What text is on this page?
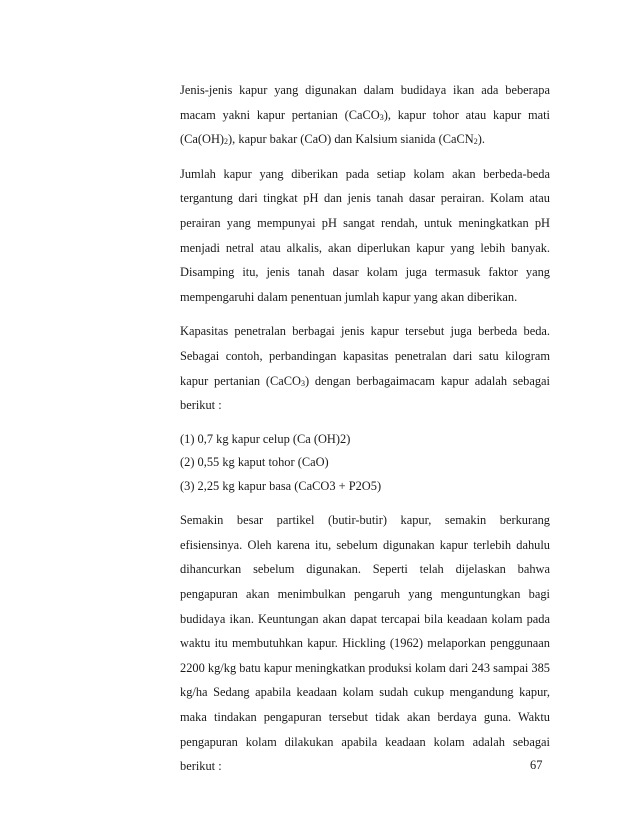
Jenis-jenis kapur yang digunakan dalam budidaya ikan ada beberapa macam yakni kapur pertanian (CaCO$_3$), kapur tohor atau kapur mati $(Ca(OH)_2)$, kapur bakar (CaO) dan Kalsium sianida (CaCN$_2$).

Jumlah kapur yang diberikan pada setiap kolam akan berbeda-beda tergantung dari tingkat pH dan jenis tanah dasar perairan. Kolam atau perairan yang mempunyai pH sangat rendah, untuk meningkatkan pH menjadi netral atau alkalis, akan diperlukan kapur yang lebih banyak. Disamping itu, jenis tanah dasar kolam juga termasuk faktor yang mempengaruhi dalam penentuan jumlah kapur yang akan diberikan.

Kapasitas penetralan berbagai jenis kapur tersebut juga berbeda beda. Sebagai contoh, perbandingan kapasitas penetralan dari satu kilogram kapur pertanian (CaCO$_3$) dengan berbagaimacam kapur adalah sebagai berikut :

(1) 0,7 kg kapur celup (Ca (OH)2)
(2) 0,55 kg kaput tohor (CaO)
(3) 2,25 kg kapur basa (CaCO3 + P2O5)

Semakin besar partikel (butir-butir) kapur, semakin berkurang efisiensinya. Oleh karena itu, sebelum digunakan kapur terlebih dahulu dihancurkan sebelum digunakan. Seperti telah dijelaskan bahwa pengapuran akan menimbulkan pengaruh yang menguntungkan bagi budidaya ikan. Keuntungan akan dapat tercapai bila keadaan kolam pada waktu itu membutuhkan kapur. Hickling (1962) melaporkan penggunaan 2200 kg/kg batu kapur meningkatkan produksi kolam dari 243 sampai 385 kg/ha Sedang apabila keadaan kolam sudah cukup mengandung kapur, maka tindakan pengapuran tersebut tidak akan berdaya guna. Waktu pengapuran kolam dilakukan apabila keadaan kolam adalah sebagai berikut :	67
